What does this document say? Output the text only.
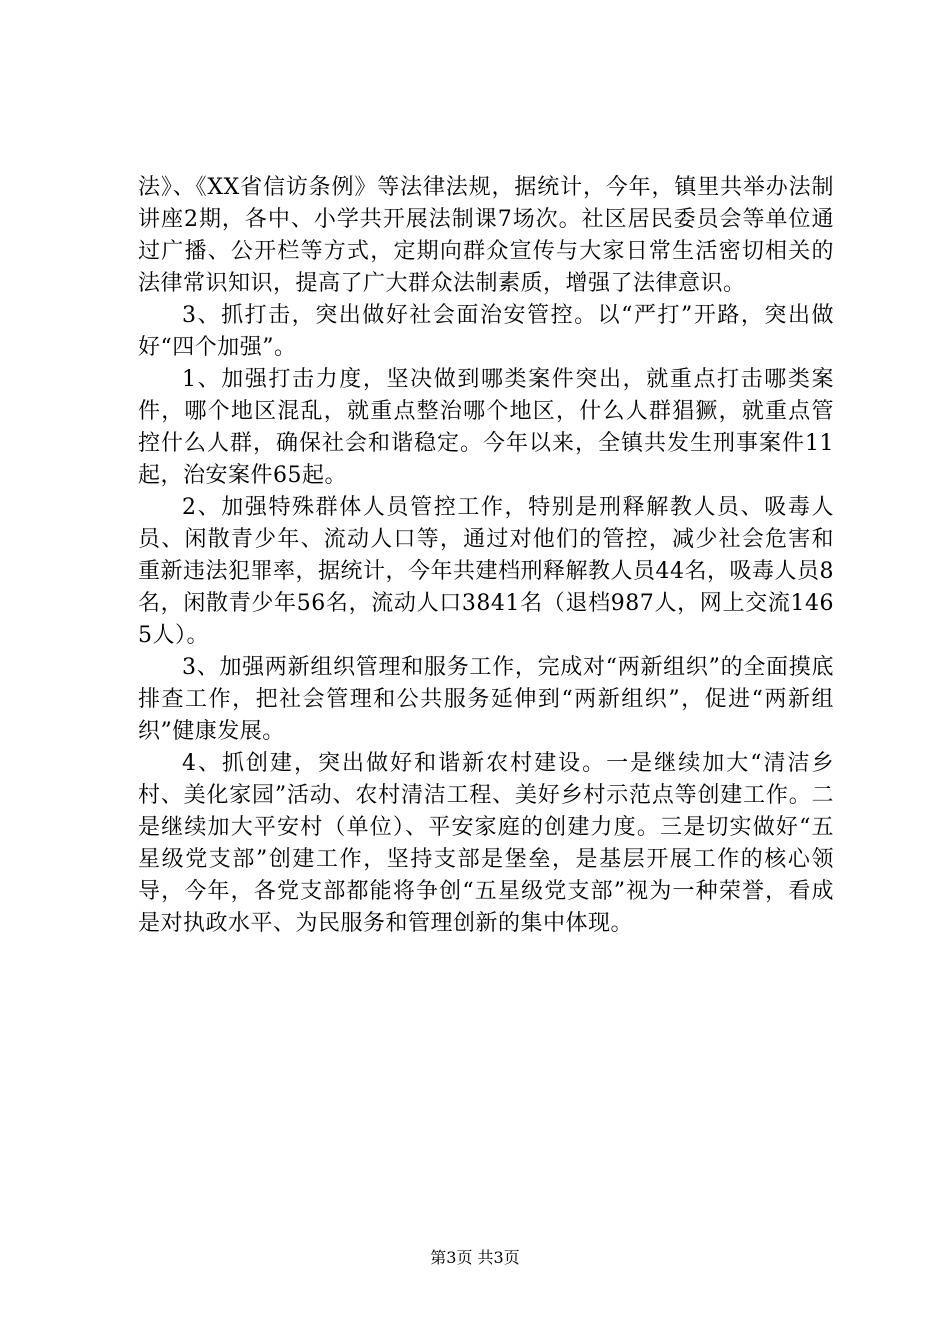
法》、《XX省信访条例》等法律法规，据统计，今年，镇里共举办法制讲座2期，各中、小学共开展法制课7场次。社区居民委员会等单位通过广播、公开栏等方式，定期向群众宣传与大家日常生活密切相关的法律常识知识，提高了广大群众法制素质，增强了法律意识。

3、抓打击，突出做好社会面治安管控。以“严打”开路，突出做好“四个加强”。

1、加强打击力度，坚决做到哪类案件突出，就重点打击哪类案件，哪个地区混乱，就重点整治哪个地区，什么人群猖獗，就重点管控什么人群，确保社会和谐稳定。今年以来，全镇共发生刑事案件11起，治安案件65起。

2、加强特殊群体人员管控工作，特别是刑释解教人员、吸毒人员、闲散青少年、流动人口等，通过对他们的管控，减少社会危害和重新违法犯罪率，据统计，今年共建档刑释解教人员44名，吸毒人员8名，闲散青少年56名，流动人口3841名（退档987人，网上交流1465人）。

3、加强两新组织管理和服务工作，完成对“两新组织”的全面摸底排查工作，把社会管理和公共服务延伸到“两新组织”，促进“两新组织”健康发展。

4、抓创建，突出做好和谐新农村建设。一是继续加大“清洁乡村、美化家园”活动、农村清洁工程、美好乡村示范点等创建工作。二是继续加大平安村（单位）、平安家庭的创建力度。三是切实做好“五星级党支部”创建工作，坚持支部是堡垒，是基层开展工作的核心领导，今年，各党支部都能将争创“五星级党支部”视为一种荣誉，看成是对执政水平、为民服务和管理创新的集中体现。

第3页 共3页
